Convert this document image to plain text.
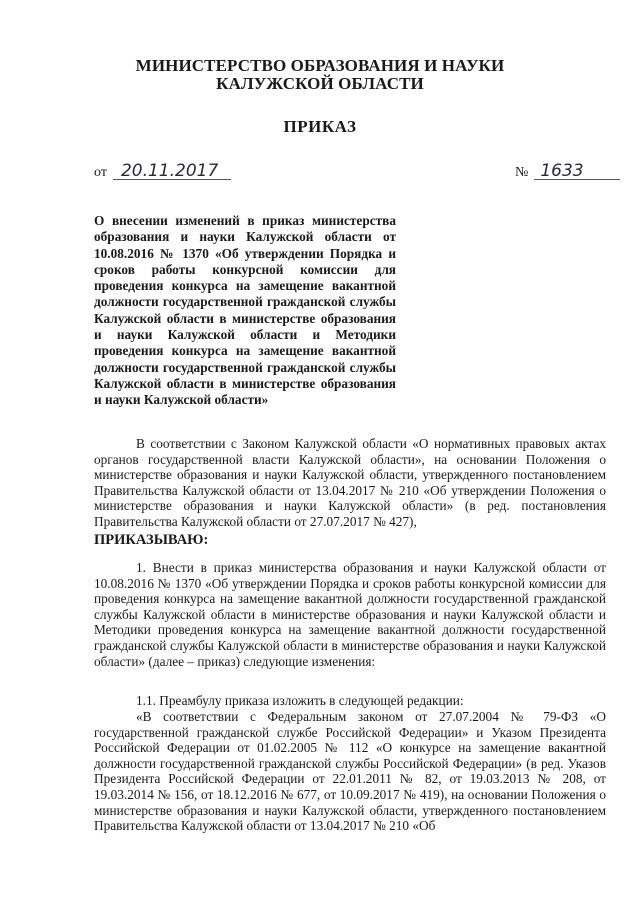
МИНИСТЕРСТВО ОБРАЗОВАНИЯ И НАУКИ
КАЛУЖСКОЙ ОБЛАСТИ
ПРИКАЗ
от 20.11.2017	№ 1633
О внесении изменений в приказ министерства образования и науки Калужской области от 10.08.2016 № 1370 «Об утверждении Порядка и сроков работы конкурсной комиссии для проведения конкурса на замещение вакантной должности государственной гражданской службы Калужской области в министерстве образования и науки Калужской области и Методики проведения конкурса на замещение вакантной должности государственной гражданской службы Калужской области в министерстве образования и науки Калужской области»
В соответствии с Законом Калужской области «О нормативных правовых актах органов государственной власти Калужской области», на основании Положения о министерстве образования и науки Калужской области, утвержденного постановлением Правительства Калужской области от 13.04.2017 № 210 «Об утверждении Положения о министерстве образования и науки Калужской области» (в ред. постановления Правительства Калужской области от 27.07.2017 № 427),
ПРИКАЗЫВАЮ:
1. Внести в приказ министерства образования и науки Калужской области от 10.08.2016 № 1370 «Об утверждении Порядка и сроков работы конкурсной комиссии для проведения конкурса на замещение вакантной должности государственной гражданской службы Калужской области в министерстве образования и науки Калужской области и Методики проведения конкурса на замещение вакантной должности государственной гражданской службы Калужской области в министерстве образования и науки Калужской области» (далее – приказ) следующие изменения:
1.1. Преамбулу приказа изложить в следующей редакции:
«В соответствии с Федеральным законом от 27.07.2004 № 79-ФЗ «О государственной гражданской службе Российской Федерации» и Указом Президента Российской Федерации от 01.02.2005 № 112 «О конкурсе на замещение вакантной должности государственной гражданской службы Российской Федерации» (в ред. Указов Президента Российской Федерации от 22.01.2011 № 82, от 19.03.2013 № 208, от 19.03.2014 № 156, от 18.12.2016 № 677, от 10.09.2017 № 419), на основании Положения о министерстве образования и науки Калужской области, утвержденного постановлением Правительства Калужской области от 13.04.2017 № 210 «Об
